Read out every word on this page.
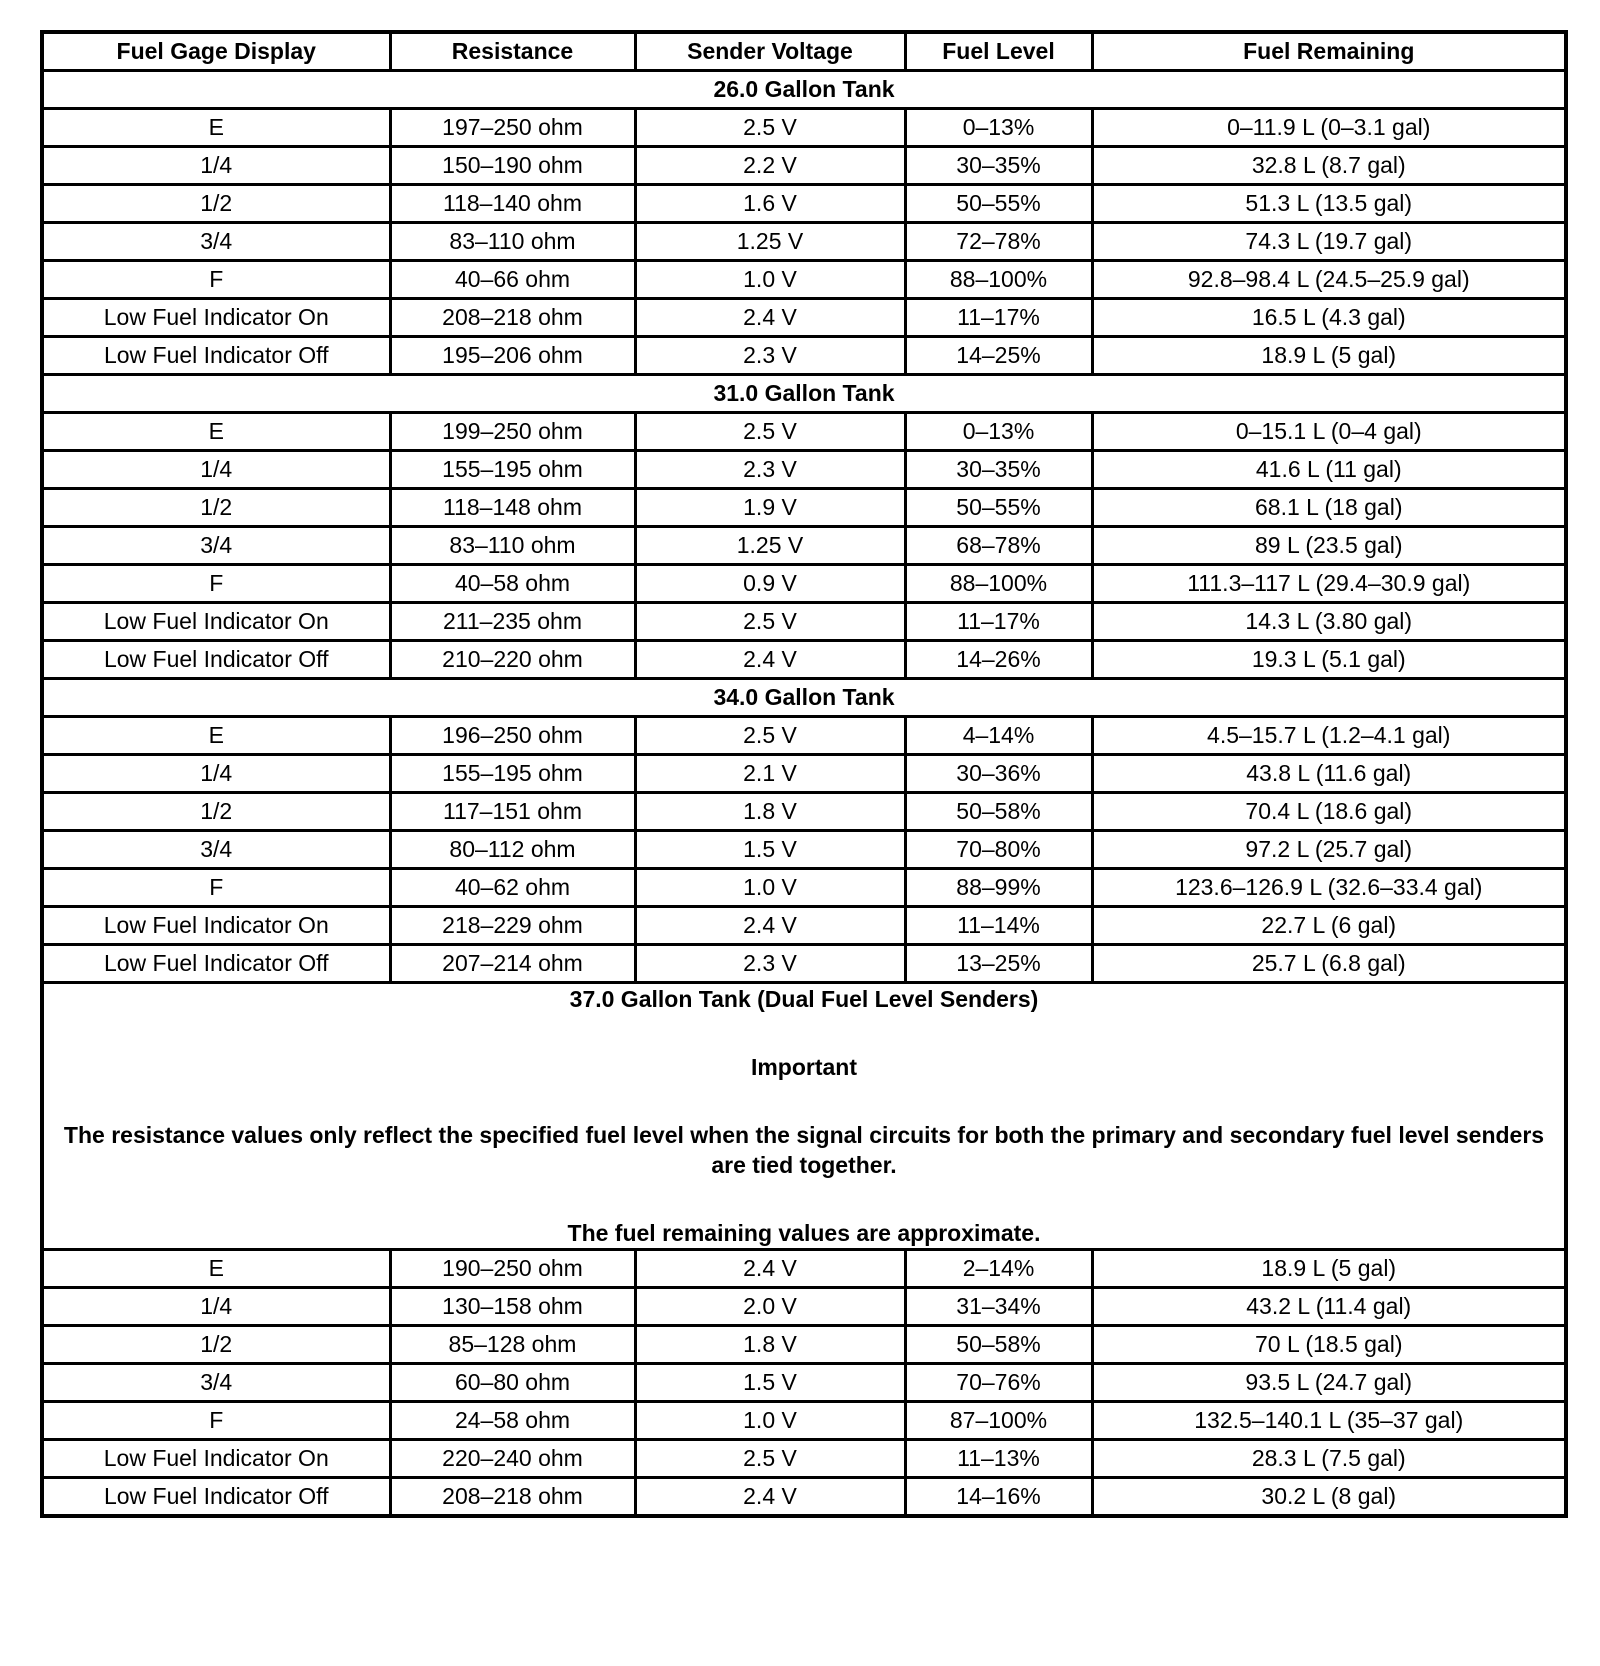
Fuel Gage Display	Resistance	Sender Voltage	Fuel Level	Fuel Remaining
26.0 Gallon Tank				
E	197–250 ohm	2.5 V	0–13%	0–11.9 L (0–3.1 gal)
1/4	150–190 ohm	2.2 V	30–35%	32.8 L (8.7 gal)
1/2	118–140 ohm	1.6 V	50–55%	51.3 L (13.5 gal)
3/4	83–110 ohm	1.25 V	72–78%	74.3 L (19.7 gal)
F	40–66 ohm	1.0 V	88–100%	92.8–98.4 L (24.5–25.9 gal)
Low Fuel Indicator On	208–218 ohm	2.4 V	11–17%	16.5 L (4.3 gal)
Low Fuel Indicator Off	195–206 ohm	2.3 V	14–25%	18.9 L (5 gal)
31.0 Gallon Tank				
E	199–250 ohm	2.5 V	0–13%	0–15.1 L (0–4 gal)
1/4	155–195 ohm	2.3 V	30–35%	41.6 L (11 gal)
1/2	118–148 ohm	1.9 V	50–55%	68.1 L (18 gal)
3/4	83–110 ohm	1.25 V	68–78%	89 L (23.5 gal)
F	40–58 ohm	0.9 V	88–100%	111.3–117 L (29.4–30.9 gal)
Low Fuel Indicator On	211–235 ohm	2.5 V	11–17%	14.3 L (3.80 gal)
Low Fuel Indicator Off	210–220 ohm	2.4 V	14–26%	19.3 L (5.1 gal)
34.0 Gallon Tank				
E	196–250 ohm	2.5 V	4–14%	4.5–15.7 L (1.2–4.1 gal)
1/4	155–195 ohm	2.1 V	30–36%	43.8 L (11.6 gal)
1/2	117–151 ohm	1.8 V	50–58%	70.4 L (18.6 gal)
3/4	80–112 ohm	1.5 V	70–80%	97.2 L (25.7 gal)
F	40–62 ohm	1.0 V	88–99%	123.6–126.9 L (32.6–33.4 gal)
Low Fuel Indicator On	218–229 ohm	2.4 V	11–14%	22.7 L (6 gal)
Low Fuel Indicator Off	207–214 ohm	2.3 V	13–25%	25.7 L (6.8 gal)

37.0 Gallon Tank (Dual Fuel Level Senders)

Important

The resistance values only reflect the specified fuel level when the signal circuits for both the primary and secondary fuel level senders are tied together.

The fuel remaining values are approximate.				

E	190–250 ohm	2.4 V	2–14%	18.9 L (5 gal)
1/4	130–158 ohm	2.0 V	31–34%	43.2 L (11.4 gal)
1/2	85–128 ohm	1.8 V	50–58%	70 L (18.5 gal)
3/4	60–80 ohm	1.5 V	70–76%	93.5 L (24.7 gal)
F	24–58 ohm	1.0 V	87–100%	132.5–140.1 L (35–37 gal)
Low Fuel Indicator On	220–240 ohm	2.5 V	11–13%	28.3 L (7.5 gal)
Low Fuel Indicator Off	208–218 ohm	2.4 V	14–16%	30.2 L (8 gal)
